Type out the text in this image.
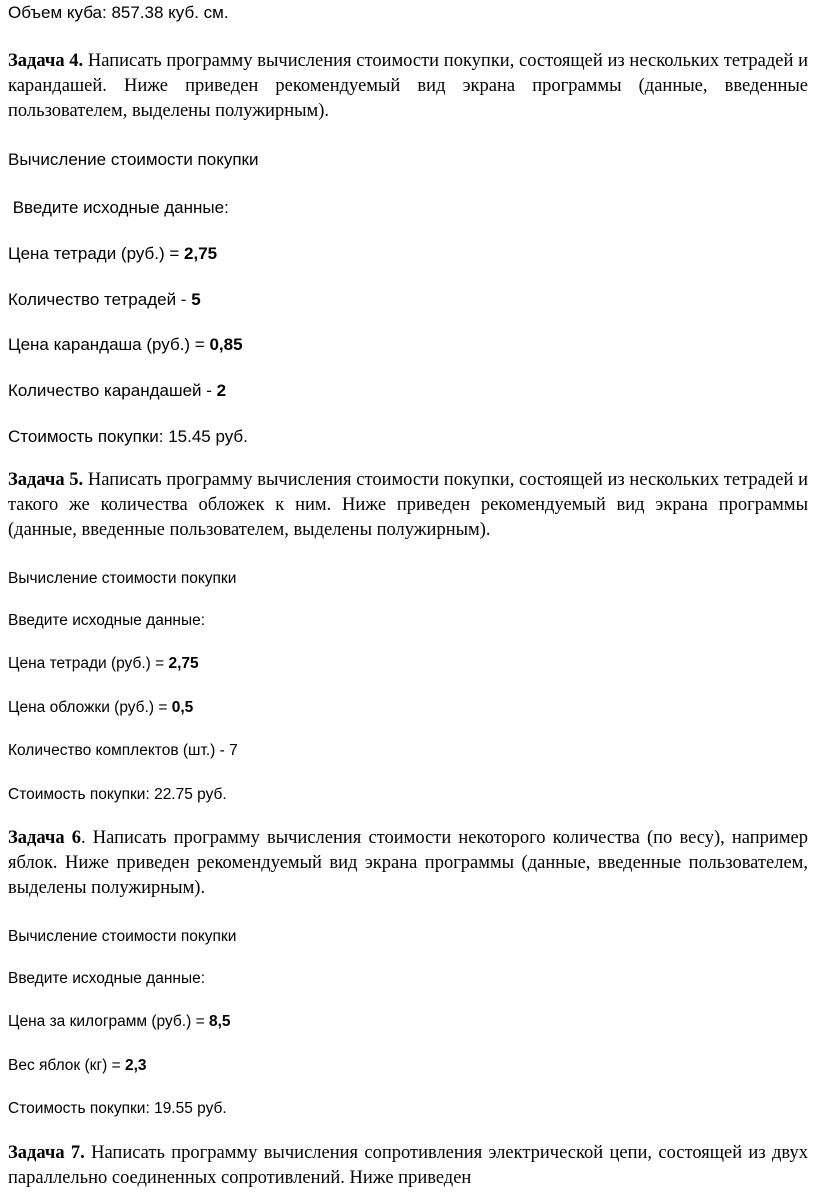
Объем куба: 857.38 куб. см.
Задача 4. Написать программу вычисления стоимости покупки, состоящей из нескольких тетрадей и карандашей. Ниже приведен рекомендуемый вид экрана программы (данные, введенные пользователем, выделены полужирным).
Вычисление стоимости покупки
Введите исходные данные:
Цена тетради (руб.) = 2,75
Количество тетрадей - 5
Цена карандаша (руб.) = 0,85
Количество карандашей - 2
Стоимость покупки: 15.45 руб.
Задача 5. Написать программу вычисления стоимости покупки, состоящей из нескольких тетрадей и такого же количества обложек к ним. Ниже приведен рекомендуемый вид экрана программы (данные, введенные пользователем, выделены полужирным).
Вычисление стоимости покупки
Введите исходные данные:
Цена тетради (руб.) = 2,75
Цена обложки (руб.) = 0,5
Количество комплектов (шт.) - 7
Стоимость покупки: 22.75 руб.
Задача 6. Написать программу вычисления стоимости некоторого количества (по весу), например яблок. Ниже приведен рекомендуемый вид экрана программы (данные, введенные пользователем, выделены полужирным).
Вычисление стоимости покупки
Введите исходные данные:
Цена за килограмм (руб.) = 8,5
Вес яблок (кг) = 2,3
Стоимость покупки: 19.55 руб.
Задача 7. Написать программу вычисления сопротивления электрической цепи, состоящей из двух параллельно соединенных сопротивлений. Ниже приведен
